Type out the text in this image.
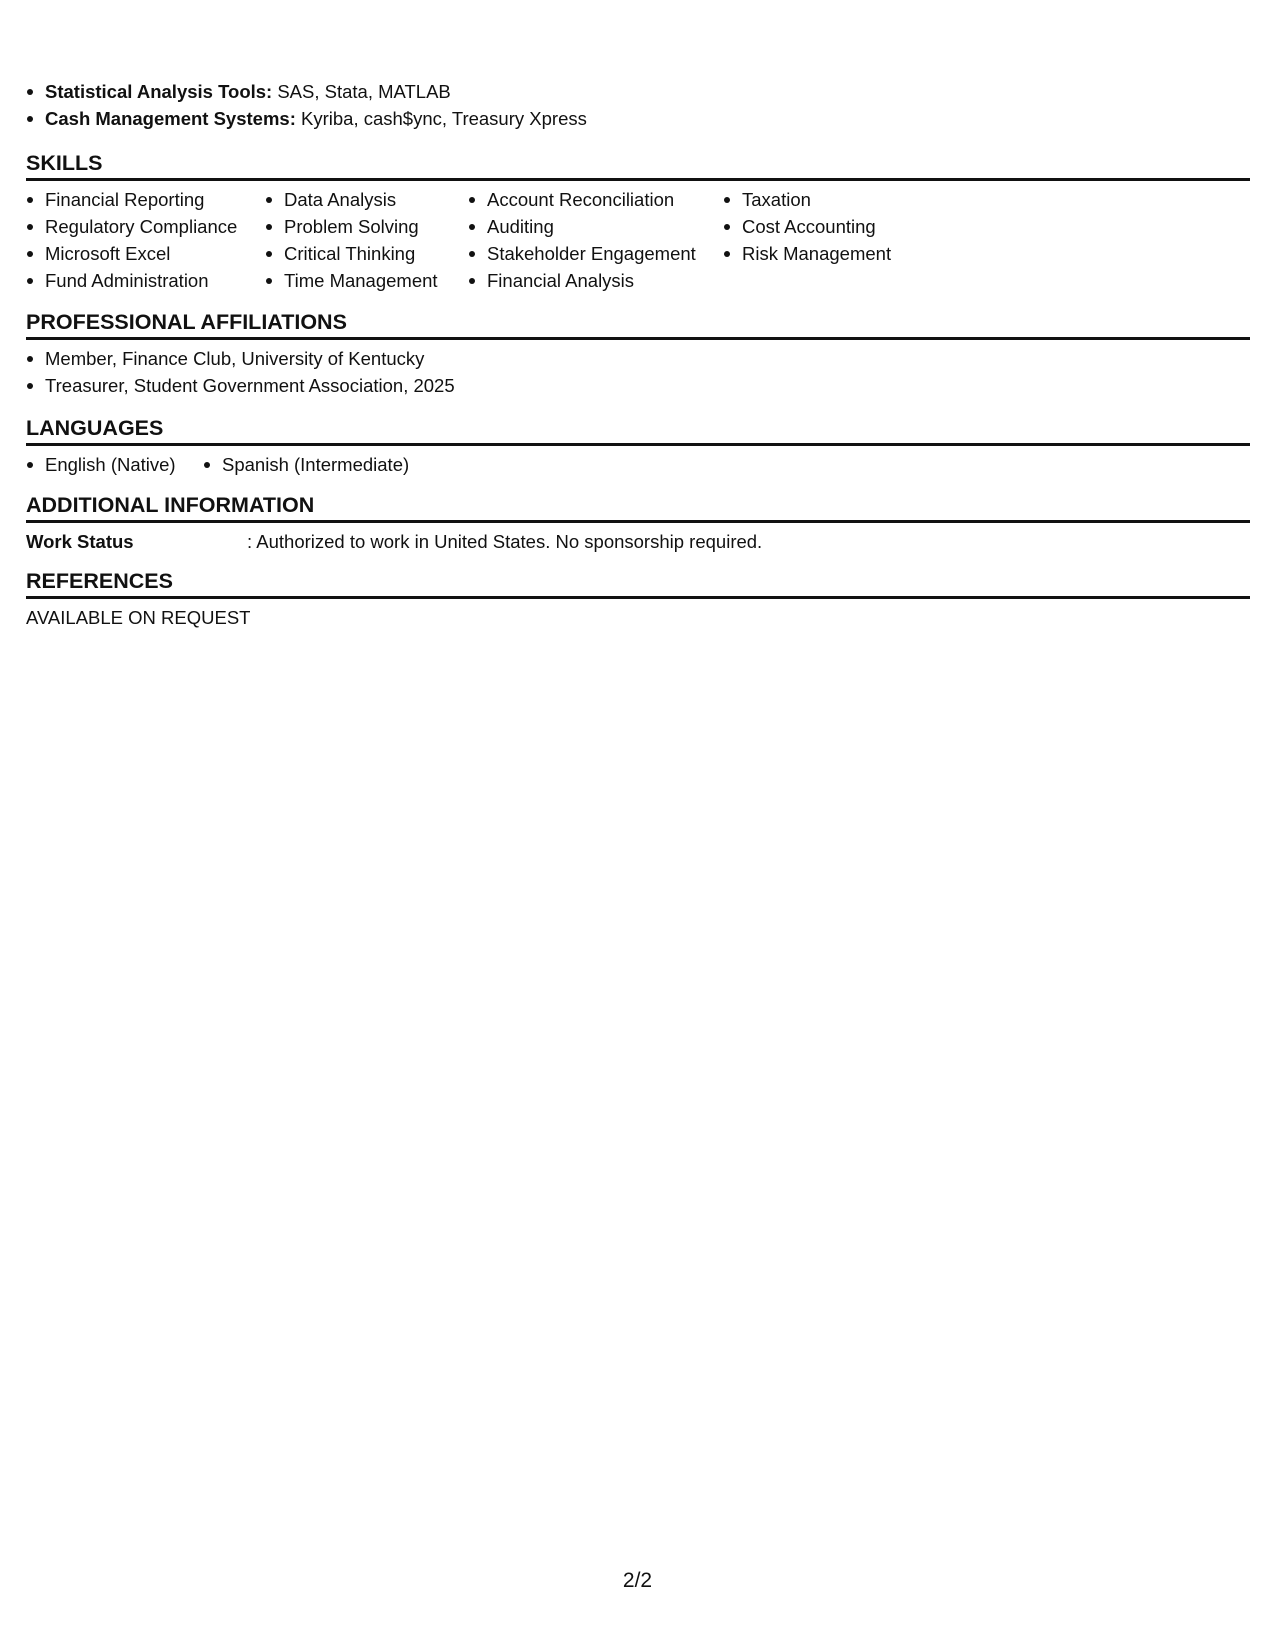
Statistical Analysis Tools: SAS, Stata, MATLAB
Cash Management Systems: Kyriba, cash$ync, Treasury Xpress
SKILLS
Financial Reporting
Regulatory Compliance
Microsoft Excel
Fund Administration
Data Analysis
Problem Solving
Critical Thinking
Time Management
Account Reconciliation
Auditing
Stakeholder Engagement
Financial Analysis
Taxation
Cost Accounting
Risk Management
PROFESSIONAL AFFILIATIONS
Member, Finance Club, University of Kentucky
Treasurer, Student Government Association, 2025
LANGUAGES
English (Native)	Spanish (Intermediate)
ADDITIONAL INFORMATION
Work Status	: Authorized to work in United States. No sponsorship required.
REFERENCES
AVAILABLE ON REQUEST
2/2
